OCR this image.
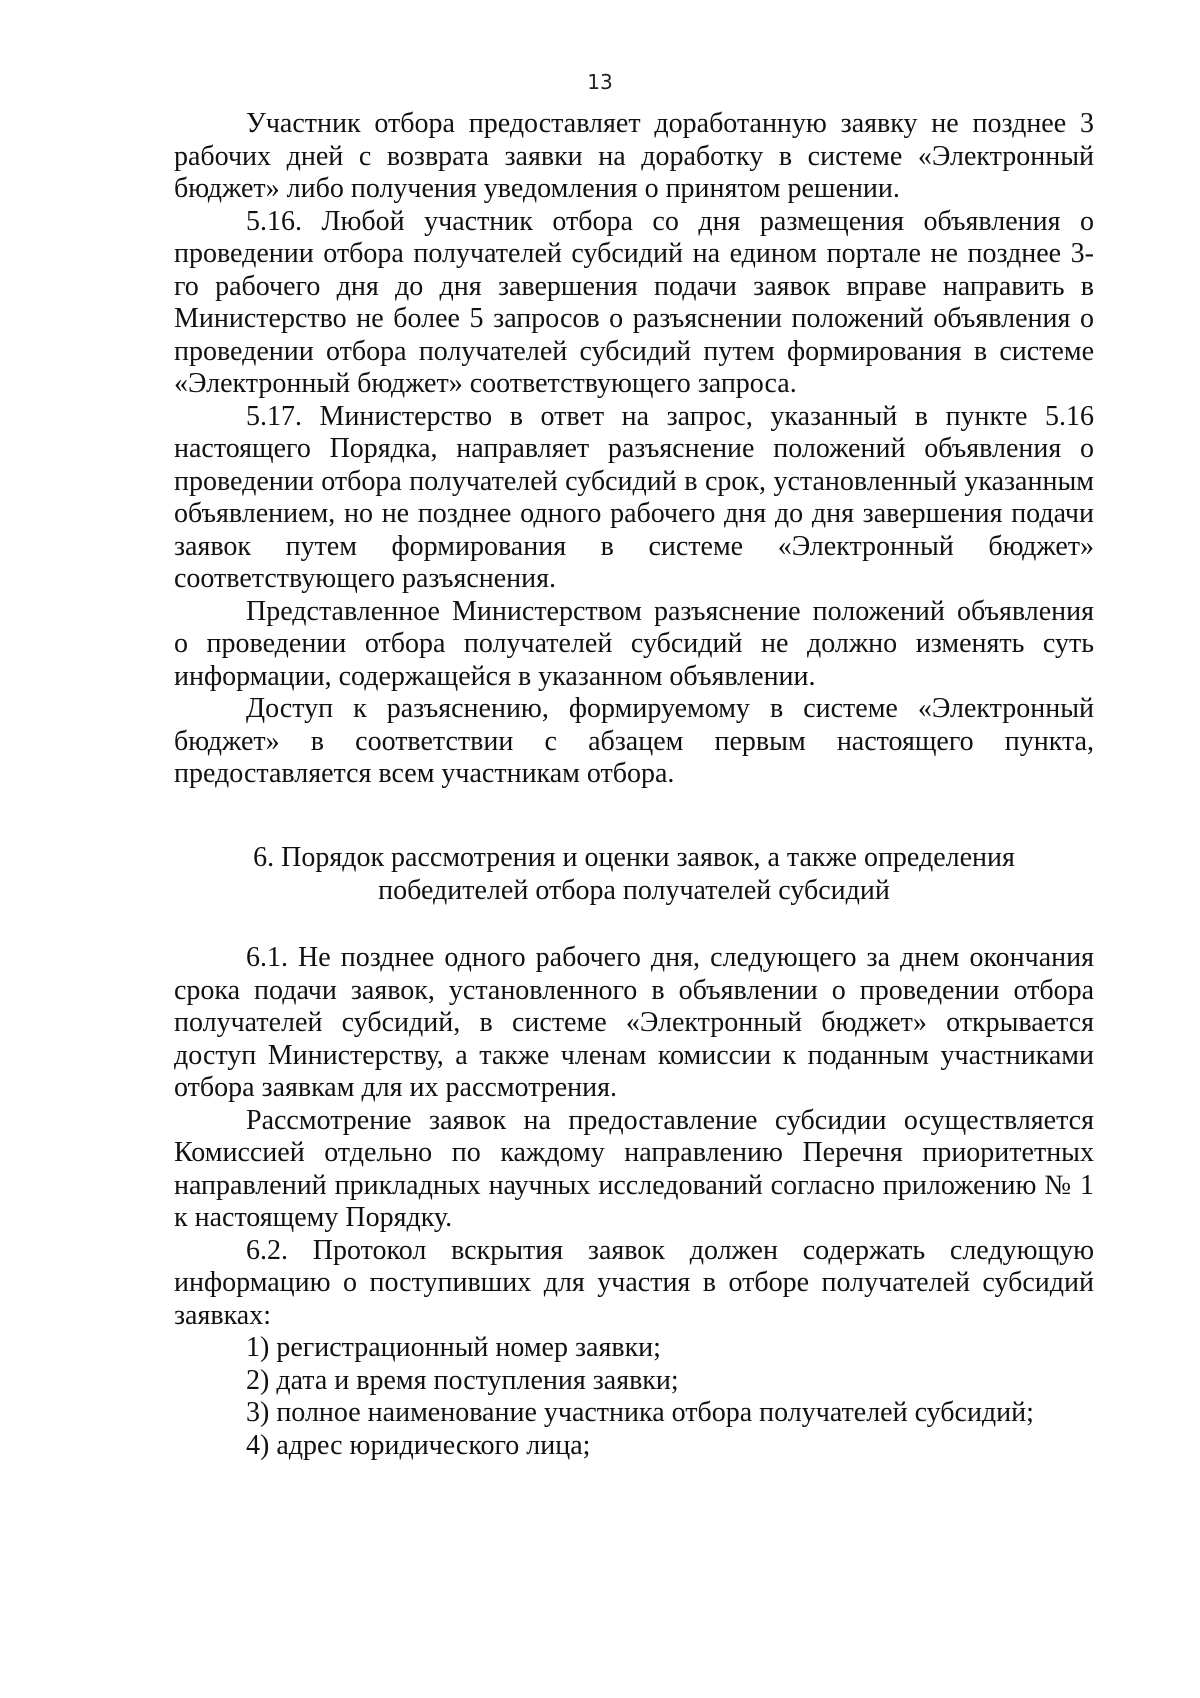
13

Участник отбора предоставляет доработанную заявку не позднее 3 рабочих дней с возврата заявки на доработку в системе «Электронный бюджет» либо получения уведомления о принятом решении.

5.16. Любой участник отбора со дня размещения объявления о проведении отбора получателей субсидий на едином портале не позднее 3-го рабочего дня до дня завершения подачи заявок вправе направить в Министерство не более 5 запросов о разъяснении положений объявления о проведении отбора получателей субсидий путем формирования в системе «Электронный бюджет» соответствующего запроса.

5.17. Министерство в ответ на запрос, указанный в пункте 5.16 настоящего Порядка, направляет разъяснение положений объявления о проведении отбора получателей субсидий в срок, установленный указанным объявлением, но не позднее одного рабочего дня до дня завершения подачи заявок путем формирования в системе «Электронный бюджет» соответствующего разъяснения.

Представленное Министерством разъяснение положений объявления о проведении отбора получателей субсидий не должно изменять суть информации, содержащейся в указанном объявлении.

Доступ к разъяснению, формируемому в системе «Электронный бюджет» в соответствии с абзацем первым настоящего пункта, предоставляется всем участникам отбора.

6. Порядок рассмотрения и оценки заявок, а также определения
победителей отбора получателей субсидий

6.1. Не позднее одного рабочего дня, следующего за днем окончания срока подачи заявок, установленного в объявлении о проведении отбора получателей субсидий, в системе «Электронный бюджет» открывается доступ Министерству, а также членам комиссии к поданным участниками отбора заявкам для их рассмотрения.

Рассмотрение заявок на предоставление субсидии осуществляется Комиссией отдельно по каждому направлению Перечня приоритетных направлений прикладных научных исследований согласно приложению № 1 к настоящему Порядку.

6.2. Протокол вскрытия заявок должен содержать следующую информацию о поступивших для участия в отборе получателей субсидий заявках:

1) регистрационный номер заявки;

2) дата и время поступления заявки;

3) полное наименование участника отбора получателей субсидий;

4) адрес юридического лица;
